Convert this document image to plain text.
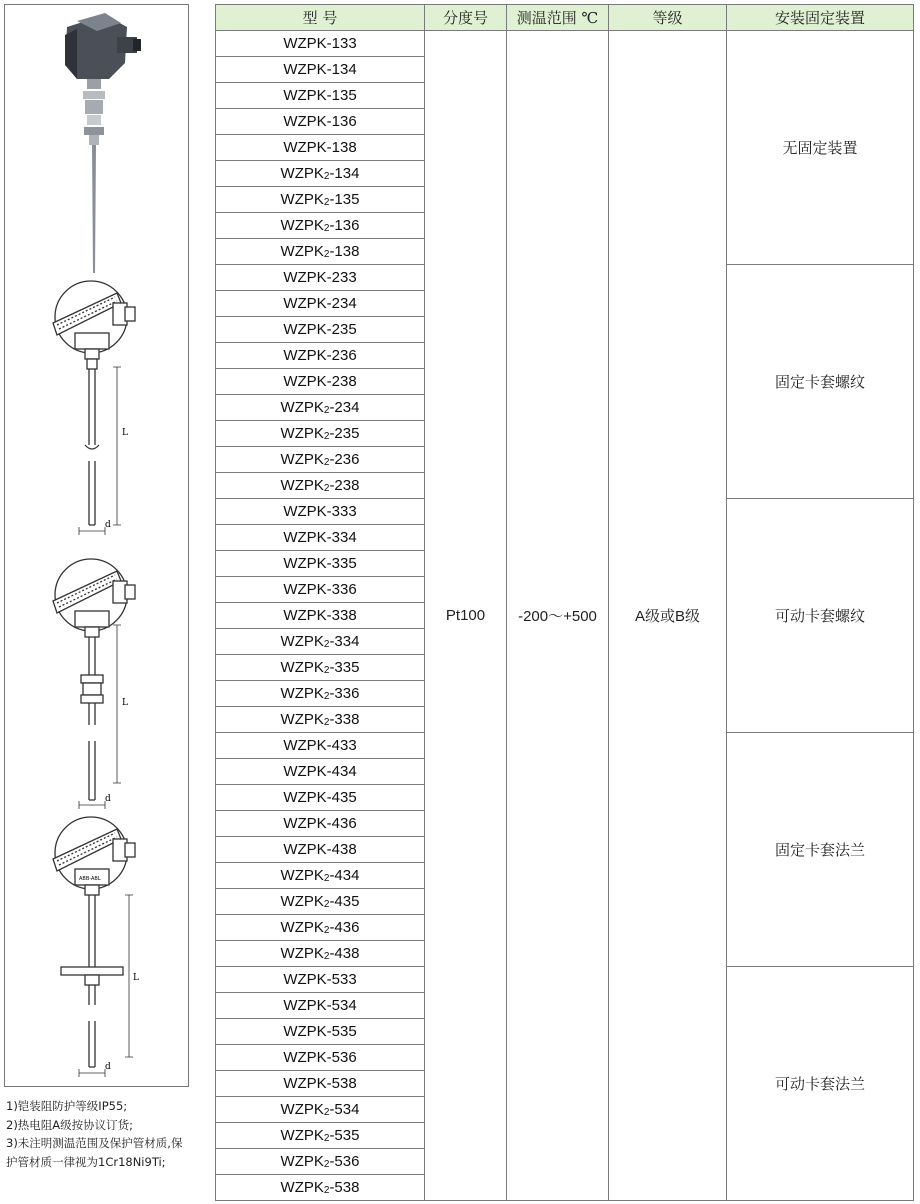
L
d
L
d
L
d
ABB-ABL
1)铠装阻防护等级IP55;
2)热电阻A级按协议订货;
3)未注明测温范围及保护管材质,保护管材质一律视为1Cr18Ni9Ti;
型 号	分度号	测温范围 ℃	等级	安装固定装置
WZPK-133	Pt100	-200～+500	A级或B级	无固定装置
WZPK-134				
WZPK-135				
WZPK-136				
WZPK-138				
$WZPK_2-134$				
$WZPK_2-135$				
$WZPK_2-136$				
$WZPK_2-138$				
WZPK-233				固定卡套螺纹
WZPK-234				
WZPK-235				
WZPK-236				
WZPK-238				
$WZPK_2-234$				
$WZPK_2-235$				
$WZPK_2-236$				
$WZPK_2-238$				
WZPK-333				可动卡套螺纹
WZPK-334				
WZPK-335				
WZPK-336				
WZPK-338				
$WZPK_2-334$				
$WZPK_2-335$				
$WZPK_2-336$				
$WZPK_2-338$				
WZPK-433				固定卡套法兰
WZPK-434				
WZPK-435				
WZPK-436				
WZPK-438				
$WZPK_2-434$				
$WZPK_2-435$				
$WZPK_2-436$				
$WZPK_2-438$				
WZPK-533				可动卡套法兰
WZPK-534				
WZPK-535				
WZPK-536				
WZPK-538				
$WZPK_2-534$				
$WZPK_2-535$				
$WZPK_2-536$				
$WZPK_2-538$				
